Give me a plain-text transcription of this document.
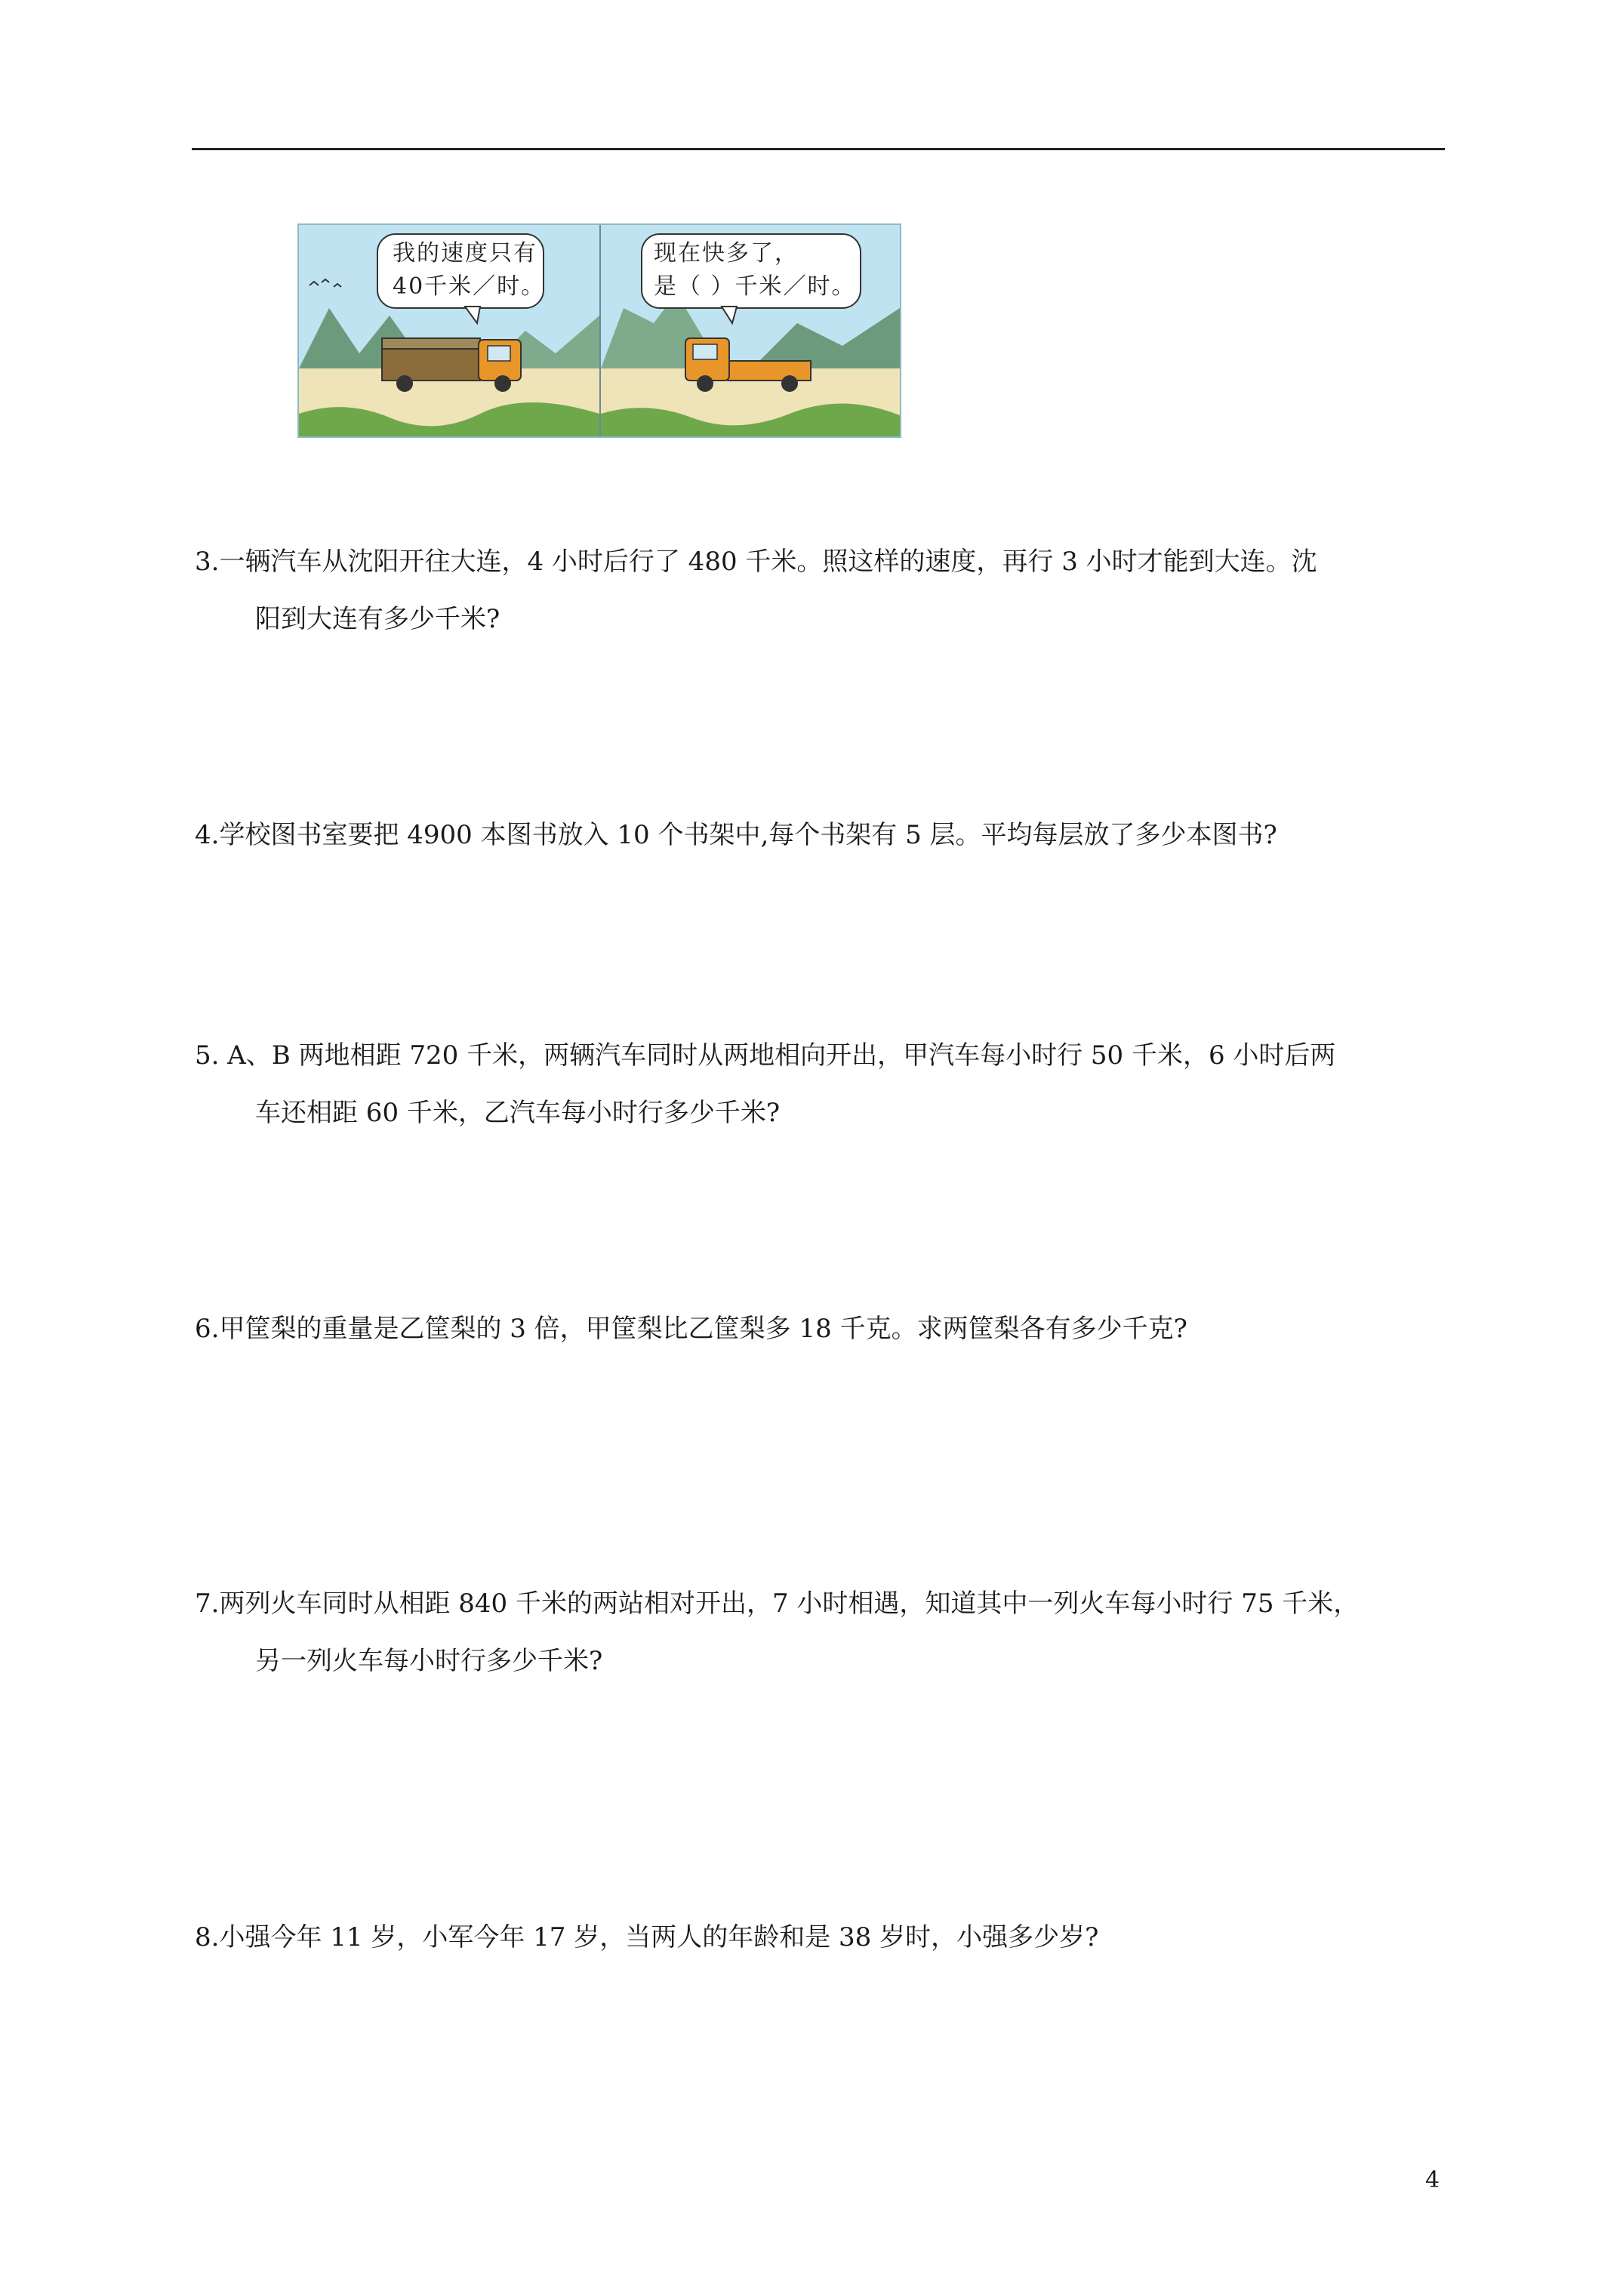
我的速度只有
40千米／时。
现在快多了，
是（ ）千米／时。
3.一辆汽车从沈阳开往大连，4 小时后行了 480 千米。照这样的速度，再行 3 小时才能到大连。沈
阳到大连有多少千米?
4.学校图书室要把 4900 本图书放入 10 个书架中,每个书架有 5 层。平均每层放了多少本图书?
5. A、B 两地相距 720 千米，两辆汽车同时从两地相向开出，甲汽车每小时行 50 千米，6 小时后两
车还相距 60 千米，乙汽车每小时行多少千米?
6.甲筐梨的重量是乙筐梨的 3 倍，甲筐梨比乙筐梨多 18 千克。求两筐梨各有多少千克?
7.两列火车同时从相距 840 千米的两站相对开出，7 小时相遇，知道其中一列火车每小时行 75 千米，
另一列火车每小时行多少千米?
8.小强今年 11 岁，小军今年 17 岁，当两人的年龄和是 38 岁时，小强多少岁?
4
